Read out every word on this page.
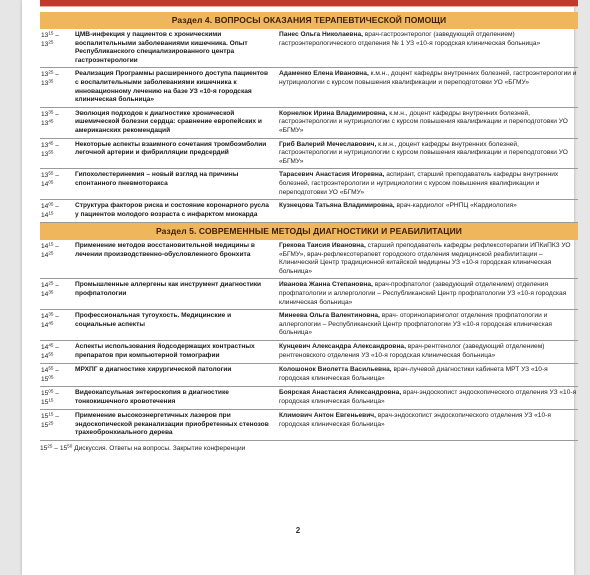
Раздел 4. ВОПРОСЫ ОКАЗАНИЯ ТЕРАПЕВТИЧЕСКОЙ ПОМОЩИ
$13^{15} - 13^{25}$
ЦМВ-инфекция у пациентов с хроническими воспалительными заболеваниями кишечника. Опыт Республиканского специализированного центра гастроэнтерологии
Панес Ольга Николаевна, врач-гастроэнтеролог (заведующий отделением) гастроэнтерологического отделения № 1 УЗ «10-я городская клиническая больница»
$13^{25} - 13^{35}$
Реализация Программы расширенного доступа пациентов с воспалительными заболеваниями кишечника к инновационному лечению на базе УЗ «10-я городская клиническая больница»
Адаменко Елена Ивановна, к.м.н., доцент кафедры внутренних болезней, гастроэнтерологии и нутрициологии с курсом повышения квалификации и переподготовки УО «БГМУ»
$13^{35} - 13^{45}$
Эволюция подходов к диагностике хронической ишемической болезни сердца: сравнение европейских и американских рекомендаций
Корнелюк Ирина Владимировна, к.м.н., доцент кафедры внутренних болезней, гастроэнтерологии и нутрициологии с курсом повышения квалификации и переподготовки УО «БГМУ»
$13^{45} - 13^{55}$
Некоторые аспекты взаимного сочетания тромбоэмболии легочной артерии и фибрилляции предсердий
Гриб Валерий Мечеславович, к.м.н., доцент кафедры внутренних болезней, гастроэнтерологии и нутрициологии с курсом повышения квалификации и переподготовки УО «БГМУ»
$13^{55} - 14^{05}$
Гипохолестеринемия – новый взгляд на причины спонтанного пневмоторакса
Тарасевич Анастасия Игоревна, аспирант, старший преподаватель кафедры внутренних болезней, гастроэнтерологии и нутрициологии с курсом повышения квалификации и переподготовки УО «БГМУ»
$14^{05} - 14^{15}$
Структура факторов риска и состояние коронарного русла у пациентов молодого возраста с инфарктом миокарда
Кузнецова Татьяна Владимировна, врач-кардиолог «РНПЦ «Кардиология»
Раздел 5. СОВРЕМЕННЫЕ МЕТОДЫ ДИАГНОСТИКИ И РЕАБИЛИТАЦИИ
$14^{15} - 14^{25}$
Применение методов восстановительной медицины в лечении производственно-обусловленного бронхита
Грекова Таисия Ивановна, старший преподаватель кафедры рефлексотерапии ИПКиПКЗ УО «БГМУ», врач-рефлексотерапевт городского отделения медицинской реабилитации – Клинический Центр традиционной китайской медицины УЗ «10-я городская клиническая больница»
$14^{25} - 14^{35}$
Промышленные аллергены как инструмент диагностики профпатологии
Иванова Жанна Степановна, врач-профпатолог (заведующий отделением) отделения профпатологии и аллергологии – Республиканский Центр профпатологии УЗ «10-я городская клиническая больница»
$14^{35} - 14^{45}$
Профессиональная тугоухость. Медицинские и социальные аспекты
Минеева Ольга Валентиновна, врач- оториноларинголог отделения профпатологии и аллергологии – Республиканский Центр профпатологии УЗ «10-я городская клиническая больница»
$14^{45} - 14^{55}$
Аспекты использования йодсодержащих контрастных препаратов при компьютерной томографии
Кунцевич Александра Александровна, врач-рентгенолог (заведующий отделением) рентгеновского отделения УЗ «10-я городская клиническая больница»
$14^{55} - 15^{05}$
МРХПГ в диагностике хирургической патологии	Колошонок Виолетта Васильевна, врач-лучевой диагностики кабинета МРТ УЗ «10-я городская клиническая больница»
$15^{05} - 15^{15}$
Видеокапсульная энтероскопия в диагностике тонкокишечного кровотечения
Боярская Анастасия Александровна, врач-эндоскопист эндоскопического отделения УЗ «10-я городская клиническая больница»
$15^{15} - 15^{25}$
Применение высокоэнергетичных лазеров при эндоскопической реканализации приобретенных стенозов трахеобронхиального дерева
Климович Антон Евгеньевич, врач-эндоскопист эндоскопического отделения УЗ «10-я городская клиническая больница»
$15^{25} - 15^{50}$ Дискуссия. Ответы на вопросы. Закрытие конференции
2
